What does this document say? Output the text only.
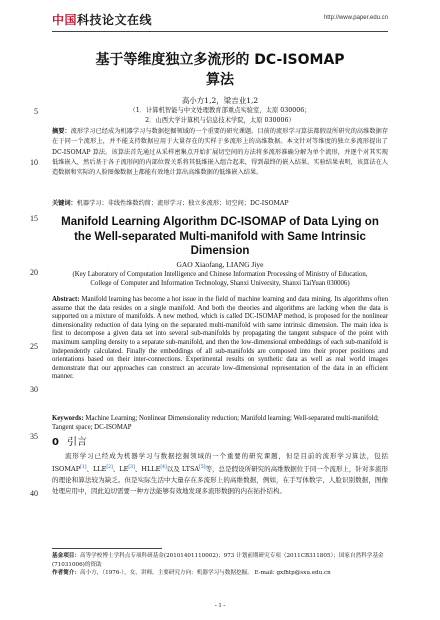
中国科技论文在线	http://www.paper.edu.cn
5
10
15
20
25
30
35
40
基于等维度独立多流形的 DC-ISOMAP
算法
高小方1,2，梁吉业1,2
（1．计算机智能与中文处理教育部重点实验室，太原 030006；
2．山西大学计算机与信息技术学院，太原 030006）
摘要：流形学习已经成为机器学习与数据挖掘领域的一个重要的研究课题。目前的流形学习算法都假设所研究的高维数据存在于同一个流形上，并不能支持数据应用于大量存在的实样于多流形上的高维数据。本文针对等维度的独立多流形提出了 DC-ISOMAP 算法。该算法首先通过从采样密集点开始扩展切空间的方法将多流形准确分解为单个流形，并逐个对其实现低维嵌入，然后基于各子流形间的内部位置关系将其低维嵌入组合起来，得到最终的嵌入结果。实验结果表明，该算法在人造数据和实际的人脸图像数据上都能有效地计算出高维数据的低维嵌入结果。
关键词：机器学习；非线性维数约简；流形学习；独立多流形；切空间；DC-ISOMAP
Manifold Learning Algorithm DC-ISOMAP of Data Lying on the Well-separated Multi-manifold with Same Intrinsic Dimension
GAO Xiaofang, LIANG Jiye
(Key Laboratory of Computation Intelligence and Chinese Information Processing of Ministry of Education, College of Computer and Information Technology, Shanxi University, Shanxi TaiYuan 030006)
Abstract: Manifold learning has become a hot issue in the field of machine learning and data mining. Its algorithms often assume that the data resides on a single manifold. And both the theories and algorithms are lacking when the data is supported on a mixture of manifolds. A new method, which is called DC-ISOMAP method, is proposed for the nonlinear dimensionality reduction of data lying on the separated multi-manifold with same intrinsic dimension. The main idea is first to decompose a given data set into several sub-manifolds by propagating the tangent subspace of the point with maximum sampling density to a separate sub-manifold, and then the low-dimensional embeddings of each sub-manifold is independently calculated. Finally the embeddings of all sub-manifolds are composed into their proper positions and orientations based on their inter-connections. Experimental results on synthetic data as well as real world images demonstrate that our approaches can construct an accurate low-dimensional representation of the data in an efficient manner.
Keywords: Machine Learning; Nonlinear Dimensionality reduction; Manifold learning; Well-separated multi-manifold; Tangent space; DC-ISOMAP
0 引言
流形学习已经成为机器学习与数据挖掘领域的一个重要的研究课题，但是目前的流形学习算法，包括 ISOMAP[1]、LLE[2]、LE[3]、HLLE[4]以及 LTSA[5]等，总是假设所研究的高维数据位于同一个流形上，针对多流形的理论和算法较为缺乏。但是实际生活中大量存在多流形上的高维数据，例如，在手写体数字、人脸识别数据，图像处理应用中，因此迫切需要一种方法能够有效地发现多流形数据的内在拓扑结构。
基金项目：高等学校博士学科点专项科研基金(20101401110002)；973 计划前期研究专项（2011CB311805）；国家自然科学基金(71031006)的资助
作者简介：高小方，（1976-），女，讲师，主要研究方向：机器学习与数据挖掘。 E-mail: gxfhtp@sxu.edu.cn
- 1 -
